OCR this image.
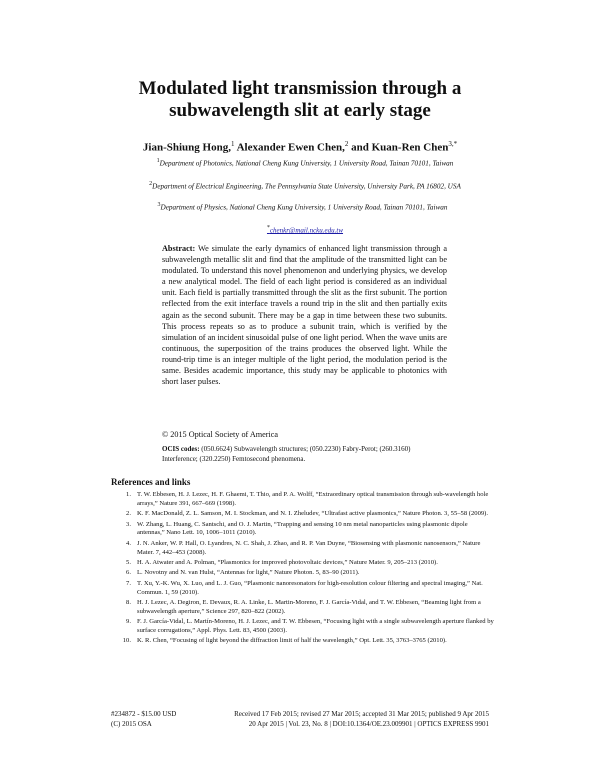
Modulated light transmission through a
subwavelength slit at early stage
Jian-Shiung Hong,$^1$ Alexander Ewen Chen,$^2$ and Kuan-Ren Chen$^{3,*}$
$^1$Department of Photonics, National Cheng Kung University, 1 University Road, Tainan 70101, Taiwan
$^2$Department of Electrical Engineering, The Pennsylvania State University, University Park, PA 16802, USA
$^3$Department of Physics, National Cheng Kung University, 1 University Road, Tainan 70101, Taiwan
*chenkr@mail.ncku.edu.tw

Abstract: We simulate the early dynamics of enhanced light transmission through a subwavelength metallic slit and find that the amplitude of the transmitted light can be modulated. To understand this novel phenomenon and underlying physics, we develop a new analytical model. The field of each light period is considered as an individual unit. Each field is partially transmitted through the slit as the first subunit. The portion reflected from the exit interface travels a round trip in the slit and then partially exits again as the second subunit. There may be a gap in time between these two subunits. This process repeats so as to produce a subunit train, which is verified by the simulation of an incident sinusoidal pulse of one light period. When the wave units are continuous, the superposition of the trains produces the observed light. While the round-trip time is an integer multiple of the light period, the modulation period is the same. Besides academic importance, this study may be applicable to photonics with short laser pulses.

© 2015 Optical Society of America
OCIS codes: (050.6624) Subwavelength structures; (050.2230) Fabry-Perot; (260.3160) Interference; (320.2250) Femtosecond phenomena.
References and links
1. T. W. Ebbesen, H. J. Lezec, H. F. Ghaemi, T. Thio, and P. A. Wolff, “Extraordinary optical transmission through sub-wavelength hole arrays,” Nature 391, 667–669 (1998).
2. K. F. MacDonald, Z. L. Samson, M. I. Stockman, and N. I. Zheludev, “Ultrafast active plasmonics,” Nature Photon. 3, 55–58 (2009).
3. W. Zhang, L. Huang, C. Santschi, and O. J. Martin, “Trapping and sensing 10 nm metal nanoparticles using plasmonic dipole antennas,” Nano Lett. 10, 1006–1011 (2010).
4. J. N. Anker, W. P. Hall, O. Lyandres, N. C. Shah, J. Zhao, and R. P. Van Duyne, “Biosensing with plasmonic nanosensors,” Nature Mater. 7, 442–453 (2008).
5. H. A. Atwater and A. Polman, “Plasmonics for improved photovoltaic devices,” Nature Mater. 9, 205–213 (2010).
6. L. Novotny and N. van Hulst, “Antennas for light,” Nature Photon. 5, 83–90 (2011).
7. T. Xu, Y.-K. Wu, X. Luo, and L. J. Guo, “Plasmonic nanoresonators for high-resolution colour filtering and spectral imaging,” Nat. Commun. 1, 59 (2010).
8. H. J. Lezec, A. Degiron, E. Devaux, R. A. Linke, L. Martin-Moreno, F. J. García-Vidal, and T. W. Ebbesen, “Beaming light from a subwavelength aperture,” Science 297, 820–822 (2002).
9. F. J. García-Vidal, L. Martín-Moreno, H. J. Lezec, and T. W. Ebbesen, “Focusing light with a single subwavelength aperture flanked by surface corrugations,” Appl. Phys. Lett. 83, 4500 (2003).
10. K. R. Chen, “Focusing of light beyond the diffraction limit of half the wavelength,” Opt. Lett. 35, 3763–3765 (2010).
#234872 - $15.00 USD
(C) 2015 OSA
Received 17 Feb 2015; revised 27 Mar 2015; accepted 31 Mar 2015; published 9 Apr 2015
20 Apr 2015 | Vol. 23, No. 8 | DOI:10.1364/OE.23.009901 | OPTICS EXPRESS 9901
